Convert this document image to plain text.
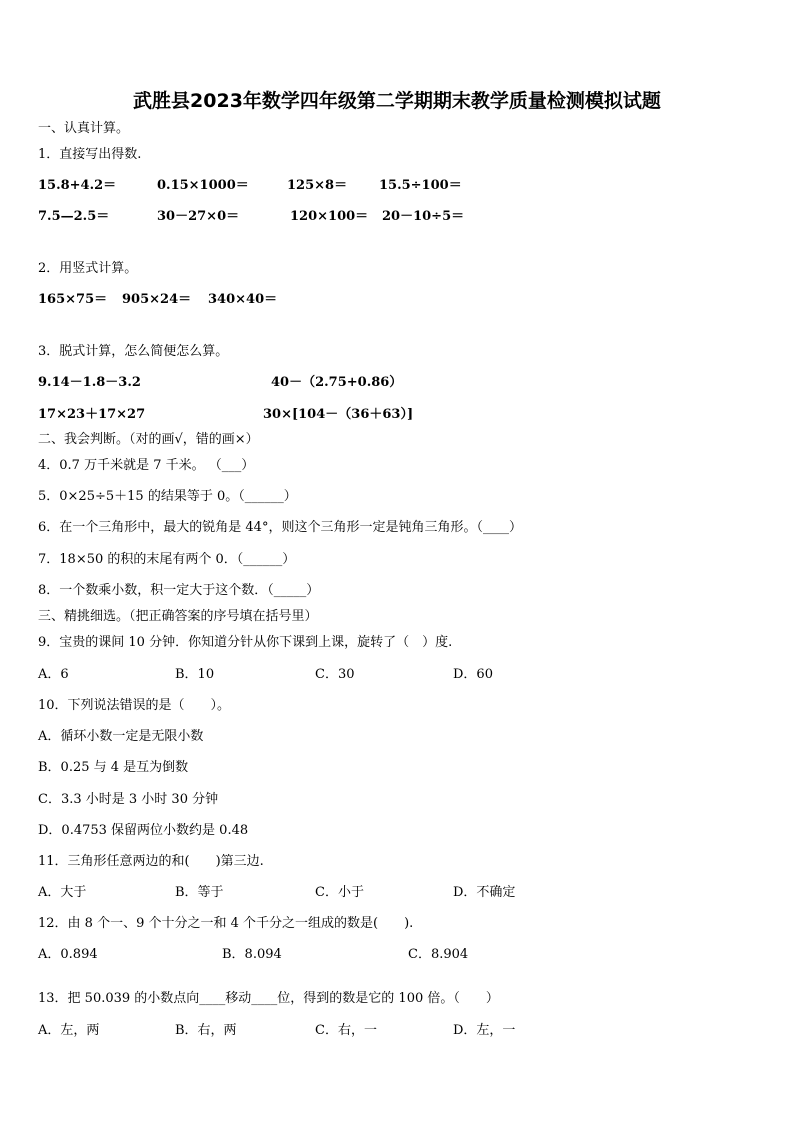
武胜县2023年数学四年级第二学期期末教学质量检测模拟试题
一、认真计算。
1．直接写出得数.
15.8+4.2＝	0.15×1000＝	125×8＝ 15.5÷100＝
7.5—2.5＝	30－27×0＝	120×100＝ 20－10÷5＝
2．用竖式计算。
165×75＝ 905×24＝ 340×40＝
3．脱式计算，怎么简便怎么算。
9.14－1.8－3.2	40－（2.75+0.86）
17×23＋17×27	30×[104－（36＋63）]
二、我会判断。（对的画√，错的画×）
4．0.7 万千米就是 7 千米。 （___）
5．0×25÷5＋15 的结果等于 0。（______）
6．在一个三角形中，最大的锐角是 44°，则这个三角形一定是钝角三角形。（____）
7．18×50 的积的末尾有两个 0．（______）
8．一个数乘小数，积一定大于这个数．（_____）
三、精挑细选。（把正确答案的序号填在括号里）
9．宝贵的课间 10 分钟．你知道分针从你下课到上课，旋转了（　）度.
A．6	B．10	C．30	D．60
10．下列说法错误的是（　　）。
A．循环小数一定是无限小数
B．0.25 与 4 是互为倒数
C．3.3 小时是 3 小时 30 分钟
D．0.4753 保留两位小数约是 0.48
11．三角形任意两边的和(　　)第三边.
A．大于	B．等于	C．小于	D．不确定
12．由 8 个一、9 个十分之一和 4 个千分之一组成的数是(　　).
A．0.894	B．8.094	C．8.904
13．把 50.039 的小数点向____移动____位，得到的数是它的 100 倍。（　　）
A．左，两	B．右，两	C．右，一	D．左，一
